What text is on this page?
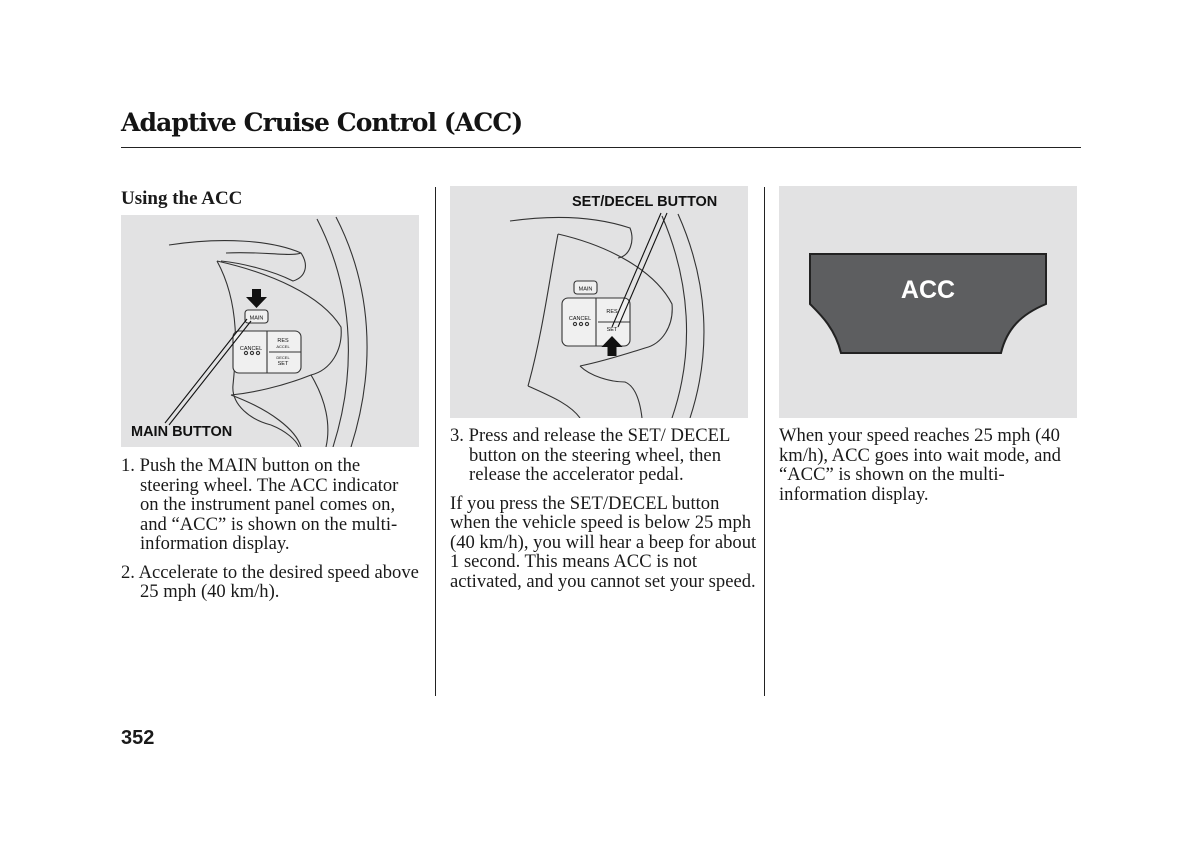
Adaptive Cruise Control (ACC)
Using the ACC
MAIN
CANCEL
RES
ACCEL
DECEL
SET
MAIN BUTTON
1. Push the MAIN button on the steering wheel. The ACC indicator on the instrument panel comes on, and “ACC” is shown on the multi-information display.
2. Accelerate to the desired speed above 25 mph (40 km/h).
MAIN
CANCEL
RES
SET
SET/DECEL BUTTON
3. Press and release the SET/ DECEL button on the steering wheel, then release the accelerator pedal.

If you press the SET/DECEL button when the vehicle speed is below 25 mph (40 km/h), you will hear a beep for about 1 second. This means ACC is not activated, and you cannot set your speed.

ACC

When your speed reaches 25 mph (40 km/h), ACC goes into wait mode, and “ACC” is shown on the multi-information display.

352
